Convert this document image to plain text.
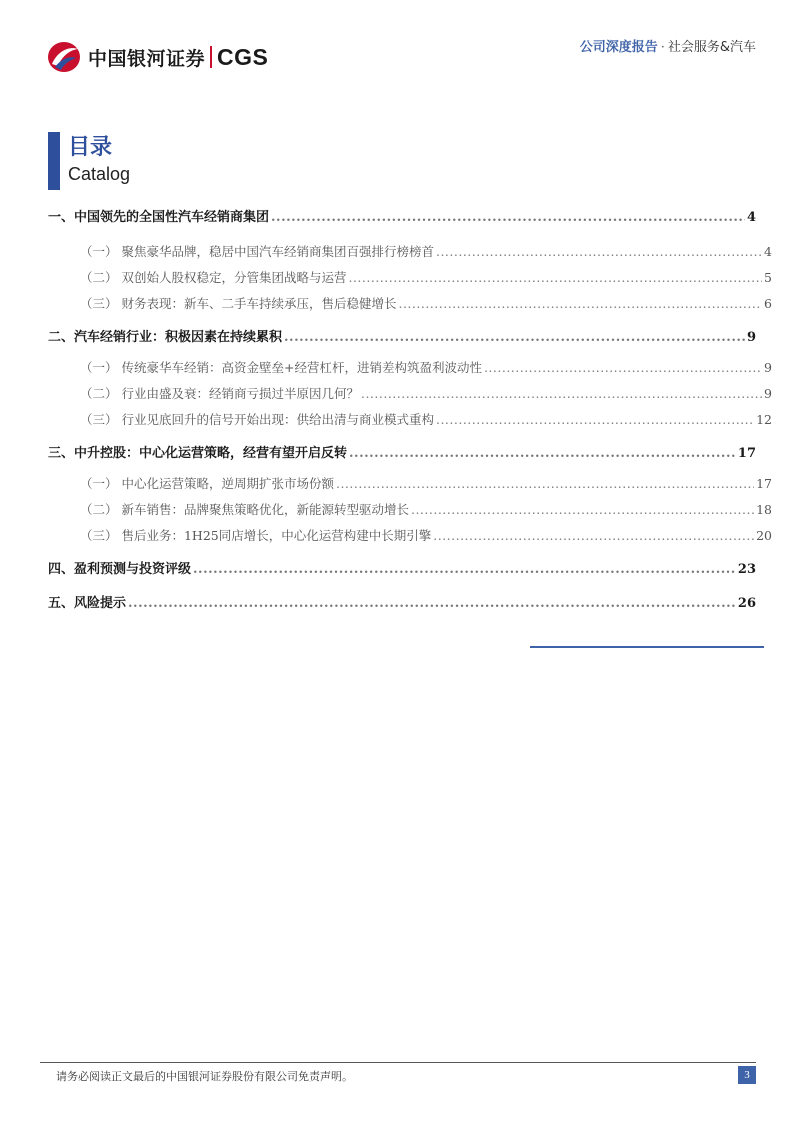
中国银河证券 CGS	公司深度报告 · 社会服务&汽车
目录
Catalog
一、中国领先的全国性汽车经销商集团 .....	4
（一） 聚焦豪华品牌，稳居中国汽车经销商集团百强排行榜榜首 .....	4
（二） 双创始人股权稳定，分管集团战略与运营 .....	5
（三） 财务表现：新车、二手车持续承压，售后稳健增长 .....	6
二、汽车经销行业：积极因素在持续累积 .....	9
（一） 传统豪华车经销：高资金壁垒+经营杠杆，进销差构筑盈利波动性 .....	9
（二） 行业由盛及衰：经销商亏损过半原因几何？ .....	9
（三） 行业见底回升的信号开始出现：供给出清与商业模式重构 .....	12
三、中升控股：中心化运营策略，经营有望开启反转 .....	17
（一） 中心化运营策略，逆周期扩张市场份额 .....	17
（二） 新车销售：品牌聚焦策略优化，新能源转型驱动增长 .....	18
（三） 售后业务：1H25同店增长，中心化运营构建中长期引擎 .....	20
四、盈利预测与投资评级 .....	23
五、风险提示 .....	26
请务必阅读正文最后的中国银河证券股份有限公司免责声明。	3
